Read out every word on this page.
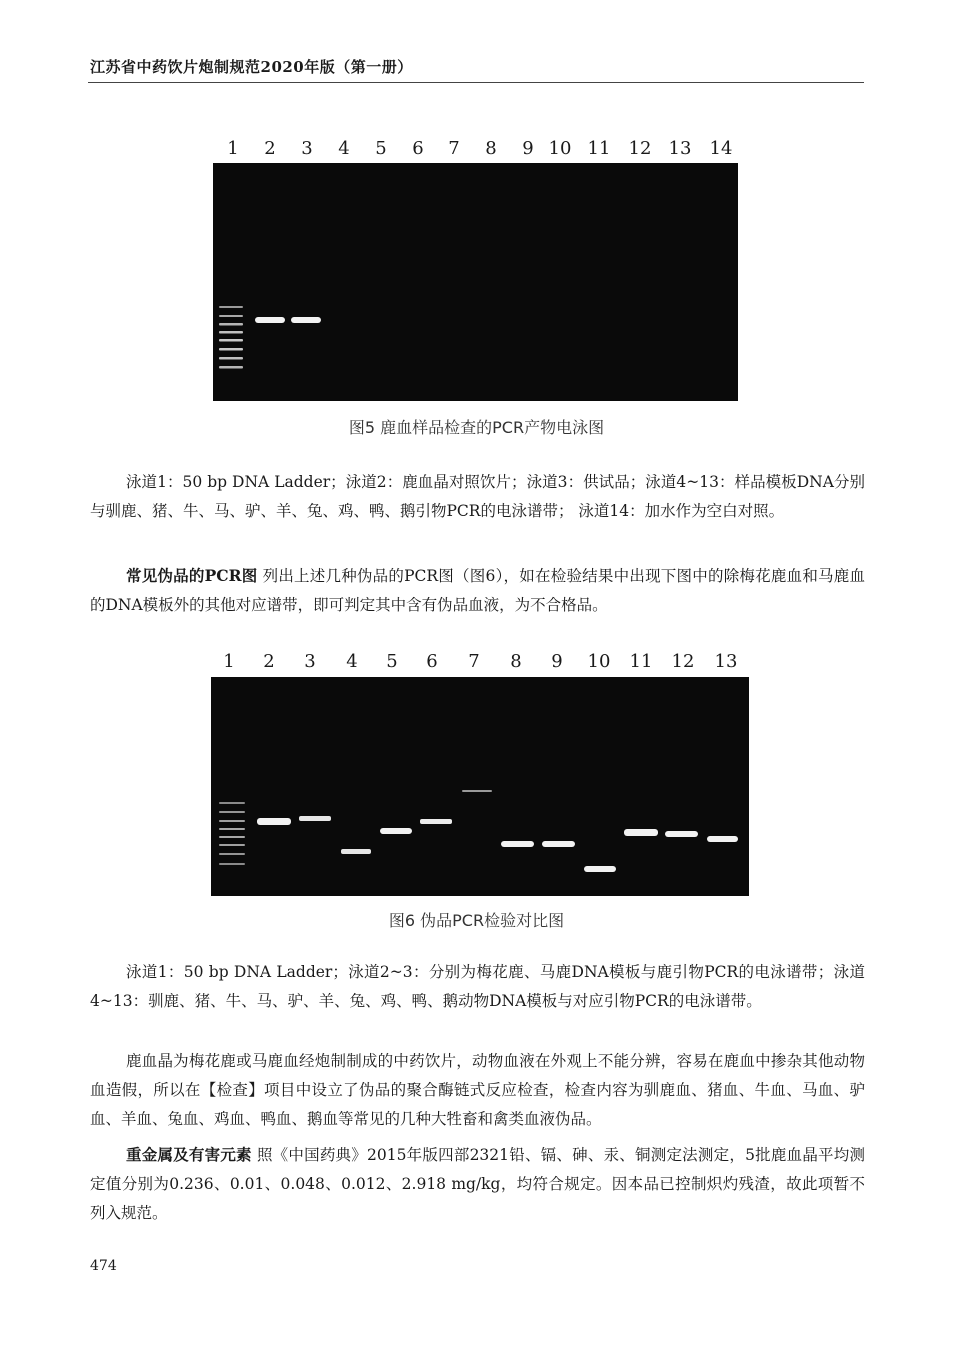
江苏省中药饮片炮制规范2020年版（第一册）
1 2 3 4 5 6 7 8 9 10 11 12 13 14
图5 鹿血样品检查的PCR产物电泳图

泳道1：50 bp DNA Ladder；泳道2：鹿血晶对照饮片；泳道3：供试品；泳道4~13：样品模板DNA分别与驯鹿、猪、牛、马、驴、羊、兔、鸡、鸭、鹅引物PCR的电泳谱带； 泳道14：加水作为空白对照。

常见伪品的PCR图 列出上述几种伪品的PCR图（图6），如在检验结果中出现下图中的除梅花鹿血和马鹿血的DNA模板外的其他对应谱带，即可判定其中含有伪品血液，为不合格品。

1 2 3 4 5 6 7 8 9 10 11 12 13
图6 伪品PCR检验对比图

泳道1：50 bp DNA Ladder；泳道2~3：分别为梅花鹿、马鹿DNA模板与鹿引物PCR的电泳谱带；泳道4~13：驯鹿、猪、牛、马、驴、羊、兔、鸡、鸭、鹅动物DNA模板与对应引物PCR的电泳谱带。

鹿血晶为梅花鹿或马鹿血经炮制制成的中药饮片，动物血液在外观上不能分辨，容易在鹿血中掺杂其他动物血造假，所以在【检查】项目中设立了伪品的聚合酶链式反应检查，检查内容为驯鹿血、猪血、牛血、马血、驴血、羊血、兔血、鸡血、鸭血、鹅血等常见的几种大牲畜和禽类血液伪品。

重金属及有害元素 照《中国药典》2015年版四部2321铅、镉、砷、汞、铜测定法测定，5批鹿血晶平均测定值分别为0.236、0.01、0.048、0.012、2.918 mg/kg，均符合规定。因本品已控制炽灼残渣，故此项暂不列入规范。

474
